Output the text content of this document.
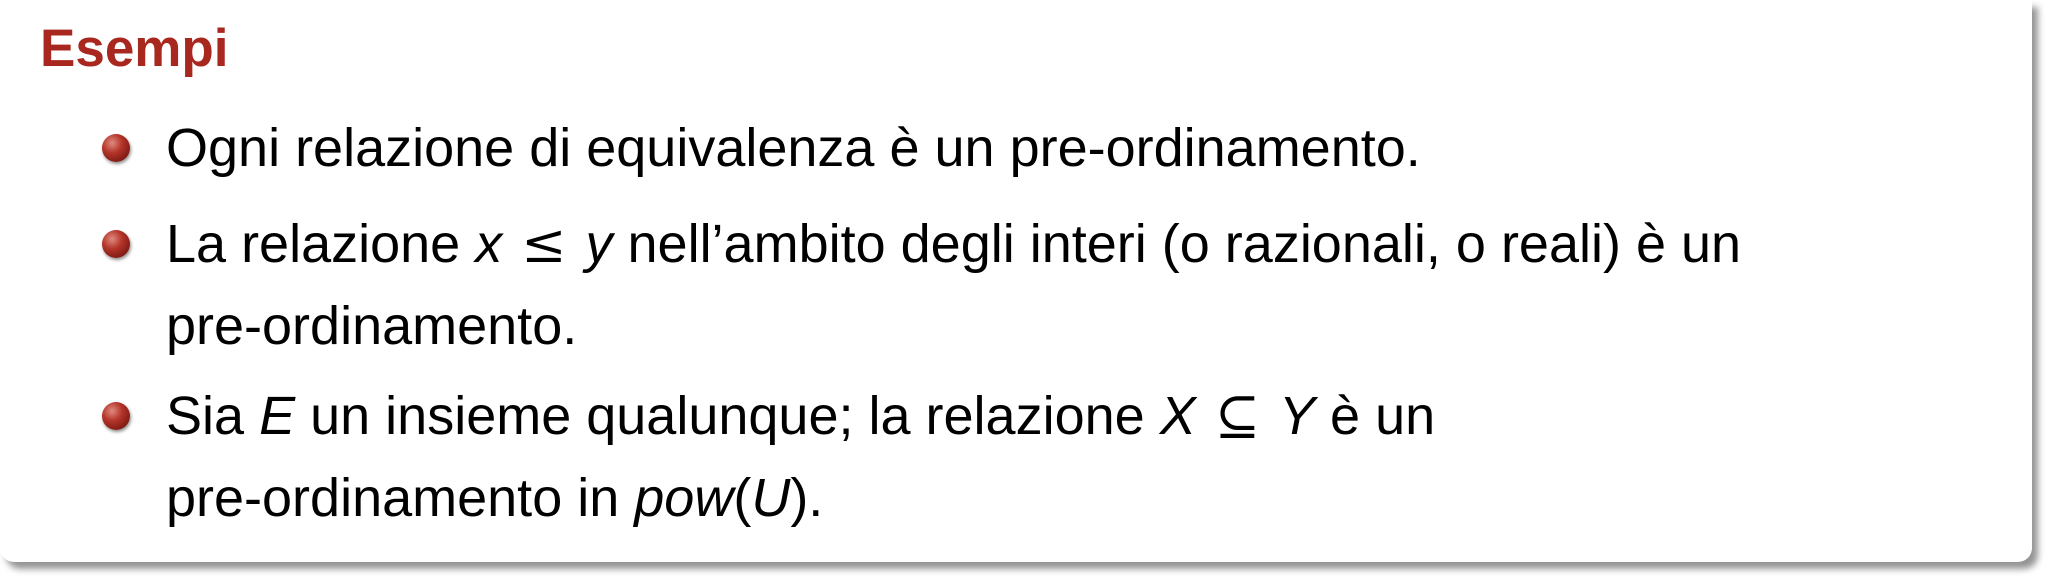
Esempi
Ogni relazione di equivalenza è un pre-ordinamento.
La relazione x ≤ y nell’ambito degli interi (o razionali, o reali) è un
pre-ordinamento.
Sia E un insieme qualunque; la relazione X ⊆ Y è un
pre-ordinamento in pow(U).
